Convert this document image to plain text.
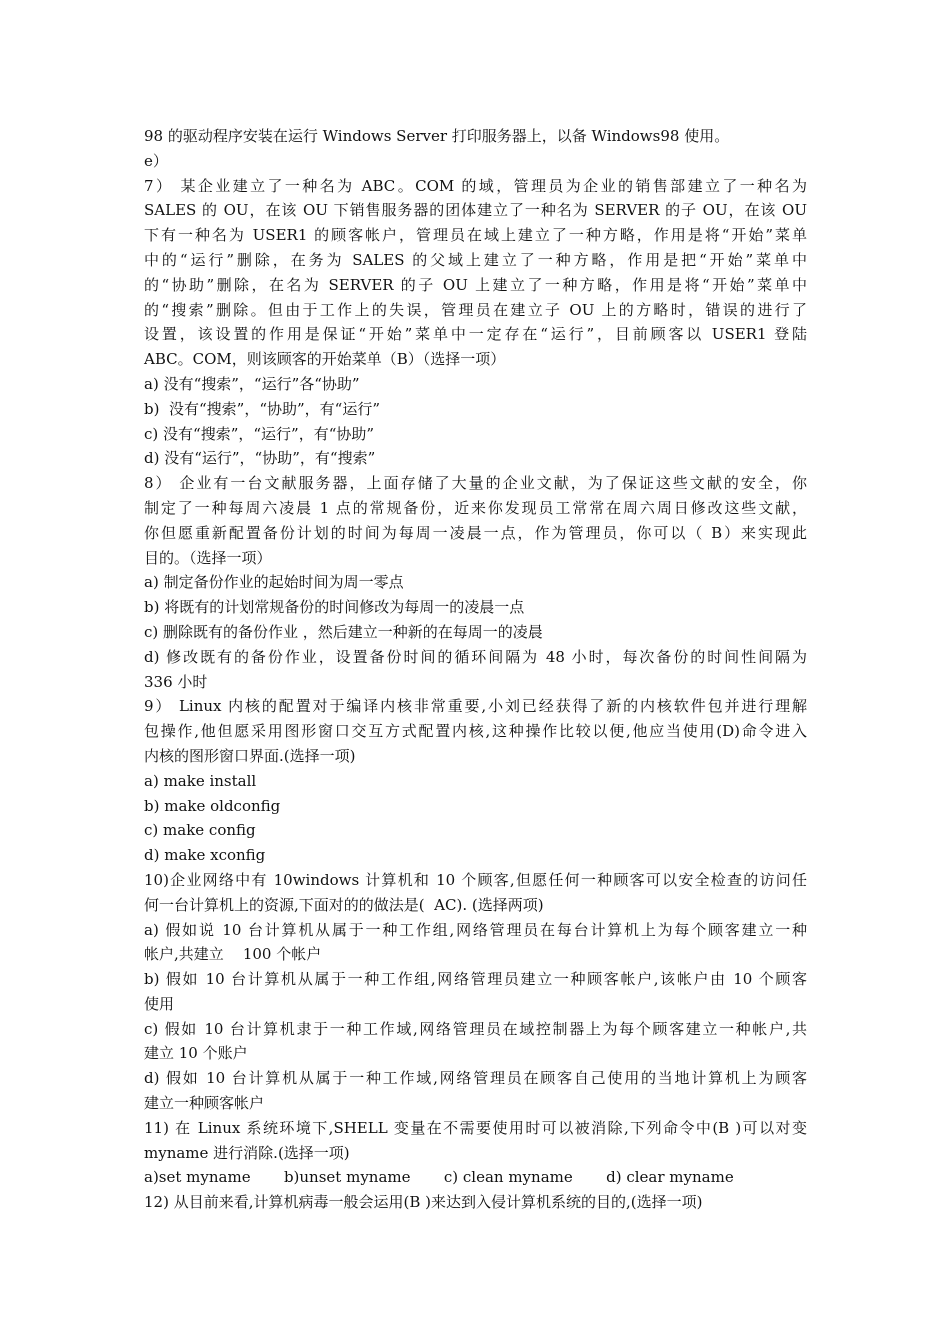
98 的驱动程序安装在运行 Windows Server 打印服务器上，以备 Windows98 使用。
e）
7） 某企业建立了一种名为 ABC。COM 的域，管理员为企业的销售部建立了一种名为
SALES 的 OU，在该 OU 下销售服务器的团体建立了一种名为 SERVER 的子 OU，在该 OU
下有一种名为 USER1 的顾客帐户，管理员在域上建立了一种方略，作用是将“开始”菜单
中的“运行”删除，在务为 SALES 的父域上建立了一种方略，作用是把“开始”菜单中
的“协助”删除，在名为 SERVER 的子 OU 上建立了一种方略，作用是将“开始”菜单中
的“搜索”删除。但由于工作上的失误，管理员在建立子 OU 上的方略时，错误的进行了
设置，该设置的作用是保证“开始”菜单中一定存在“运行”，目前顾客以 USER1 登陆
ABC。COM，则该顾客的开始菜单（B）（选择一项）
a) 没有“搜索”，“运行”各“协助”
b)  没有“搜索”，“协助”，有“运行”
c) 没有“搜索”，“运行”，有“协助”
d) 没有“运行”，“协助”，有“搜索”
8） 企业有一台文献服务器，上面存储了大量的企业文献，为了保证这些文献的安全，你
制定了一种每周六凌晨 1 点的常规备份，近来你发现员工常常在周六周日修改这些文献，
你但愿重新配置备份计划的时间为每周一凌晨一点，作为管理员，你可以（ B）来实现此
目的。（选择一项）
a) 制定备份作业的起始时间为周一零点
b) 将既有的计划常规备份的时间修改为每周一的凌晨一点
c) 删除既有的备份作业 ，然后建立一种新的在每周一的凌晨
d) 修改既有的备份作业，设置备份时间的循环间隔为 48 小时，每次备份的时间性间隔为
336 小时
9） Linux 内核的配置对于编译内核非常重要,小刘已经获得了新的内核软件包并进行理解
包操作,他但愿采用图形窗口交互方式配置内核,这种操作比较以便,他应当使用(D)命令进入
内核的图形窗口界面.(选择一项)
a) make install
b) make oldconfig
c) make config
d) make xconfig
10)企业网络中有 10windows 计算机和 10 个顾客,但愿任何一种顾客可以安全检查的访问任
何一台计算机上的资源,下面对的的做法是(  AC). (选择两项)
a) 假如说 10 台计算机从属于一种工作组,网络管理员在每台计算机上为每个顾客建立一种
帐户,共建立    100 个帐户
b) 假如 10 台计算机从属于一种工作组,网络管理员建立一种顾客帐户,该帐户由 10 个顾客
使用
c) 假如 10 台计算机隶于一种工作域,网络管理员在域控制器上为每个顾客建立一种帐户,共
建立 10 个账户
d) 假如 10 台计算机从属于一种工作域,网络管理员在顾客自己使用的当地计算机上为顾客
建立一种顾客帐户
11) 在 Linux 系统环境下,SHELL 变量在不需要使用时可以被消除,下列命令中(B )可以对变
myname 进行消除.(选择一项)
a)set myname       b)unset myname       c) clean myname       d) clear myname
12) 从目前来看,计算机病毒一般会运用(B )来达到入侵计算机系统的目的,(选择一项)
